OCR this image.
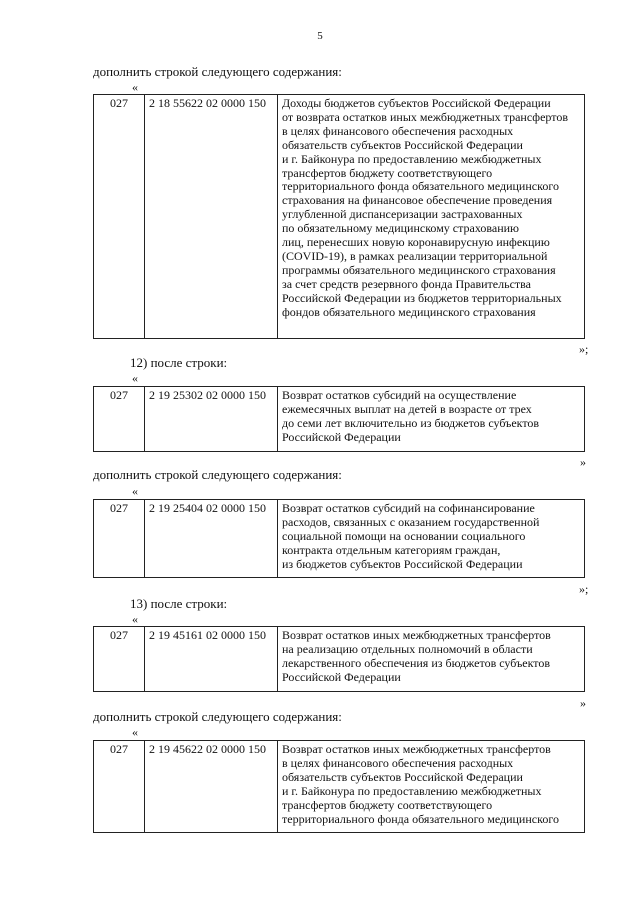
5
дополнить строкой следующего содержания:
«
027	2 18 55622 02 0000 150	Доходы бюджетов субъектов Российской Федерации
от возврата остатков иных межбюджетных трансфертов
в целях финансового обеспечения расходных
обязательств субъектов Российской Федерации
и г. Байконура по предоставлению межбюджетных
трансфертов бюджету соответствующего
территориального фонда обязательного медицинского
страхования на финансовое обеспечение проведения
углубленной диспансеризации застрахованных
по обязательному медицинскому страхованию
лиц, перенесших новую коронавирусную инфекцию
(COVID-19), в рамках реализации территориальной
программы обязательного медицинского страхования
за счет средств резервного фонда Правительства
Российской Федерации из бюджетов территориальных
фондов обязательного медицинского страхования
»;
12) после строки:
«
027	2 19 25302 02 0000 150	Возврат остатков субсидий на осуществление
ежемесячных выплат на детей в возрасте от трех
до семи лет включительно из бюджетов субъектов
Российской Федерации
»
дополнить строкой следующего содержания:
«
027	2 19 25404 02 0000 150	Возврат остатков субсидий на софинансирование
расходов, связанных с оказанием государственной
социальной помощи на основании социального
контракта отдельным категориям граждан,
из бюджетов субъектов Российской Федерации
»;
13) после строки:
«
027	2 19 45161 02 0000 150	Возврат остатков иных межбюджетных трансфертов
на реализацию отдельных полномочий в области
лекарственного обеспечения из бюджетов субъектов
Российской Федерации
»
дополнить строкой следующего содержания:
«
027	2 19 45622 02 0000 150	Возврат остатков иных межбюджетных трансфертов
в целях финансового обеспечения расходных
обязательств субъектов Российской Федерации
и г. Байконура по предоставлению межбюджетных
трансфертов бюджету соответствующего
территориального фонда обязательного медицинского
